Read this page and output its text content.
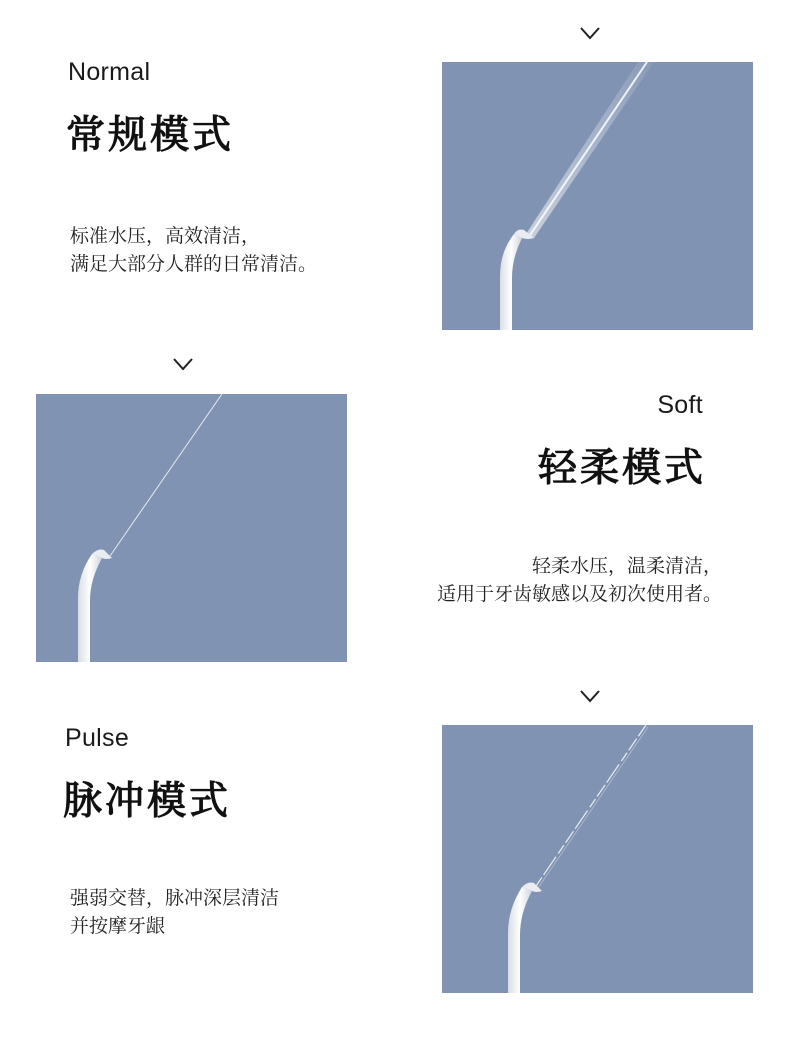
Normal
常规模式
标准水压，高效清洁，
满足大部分人群的日常清洁。
Soft
轻柔模式
轻柔水压，温柔清洁，
适用于牙齿敏感以及初次使用者。
Pulse
脉冲模式
强弱交替，脉冲深层清洁
并按摩牙龈
